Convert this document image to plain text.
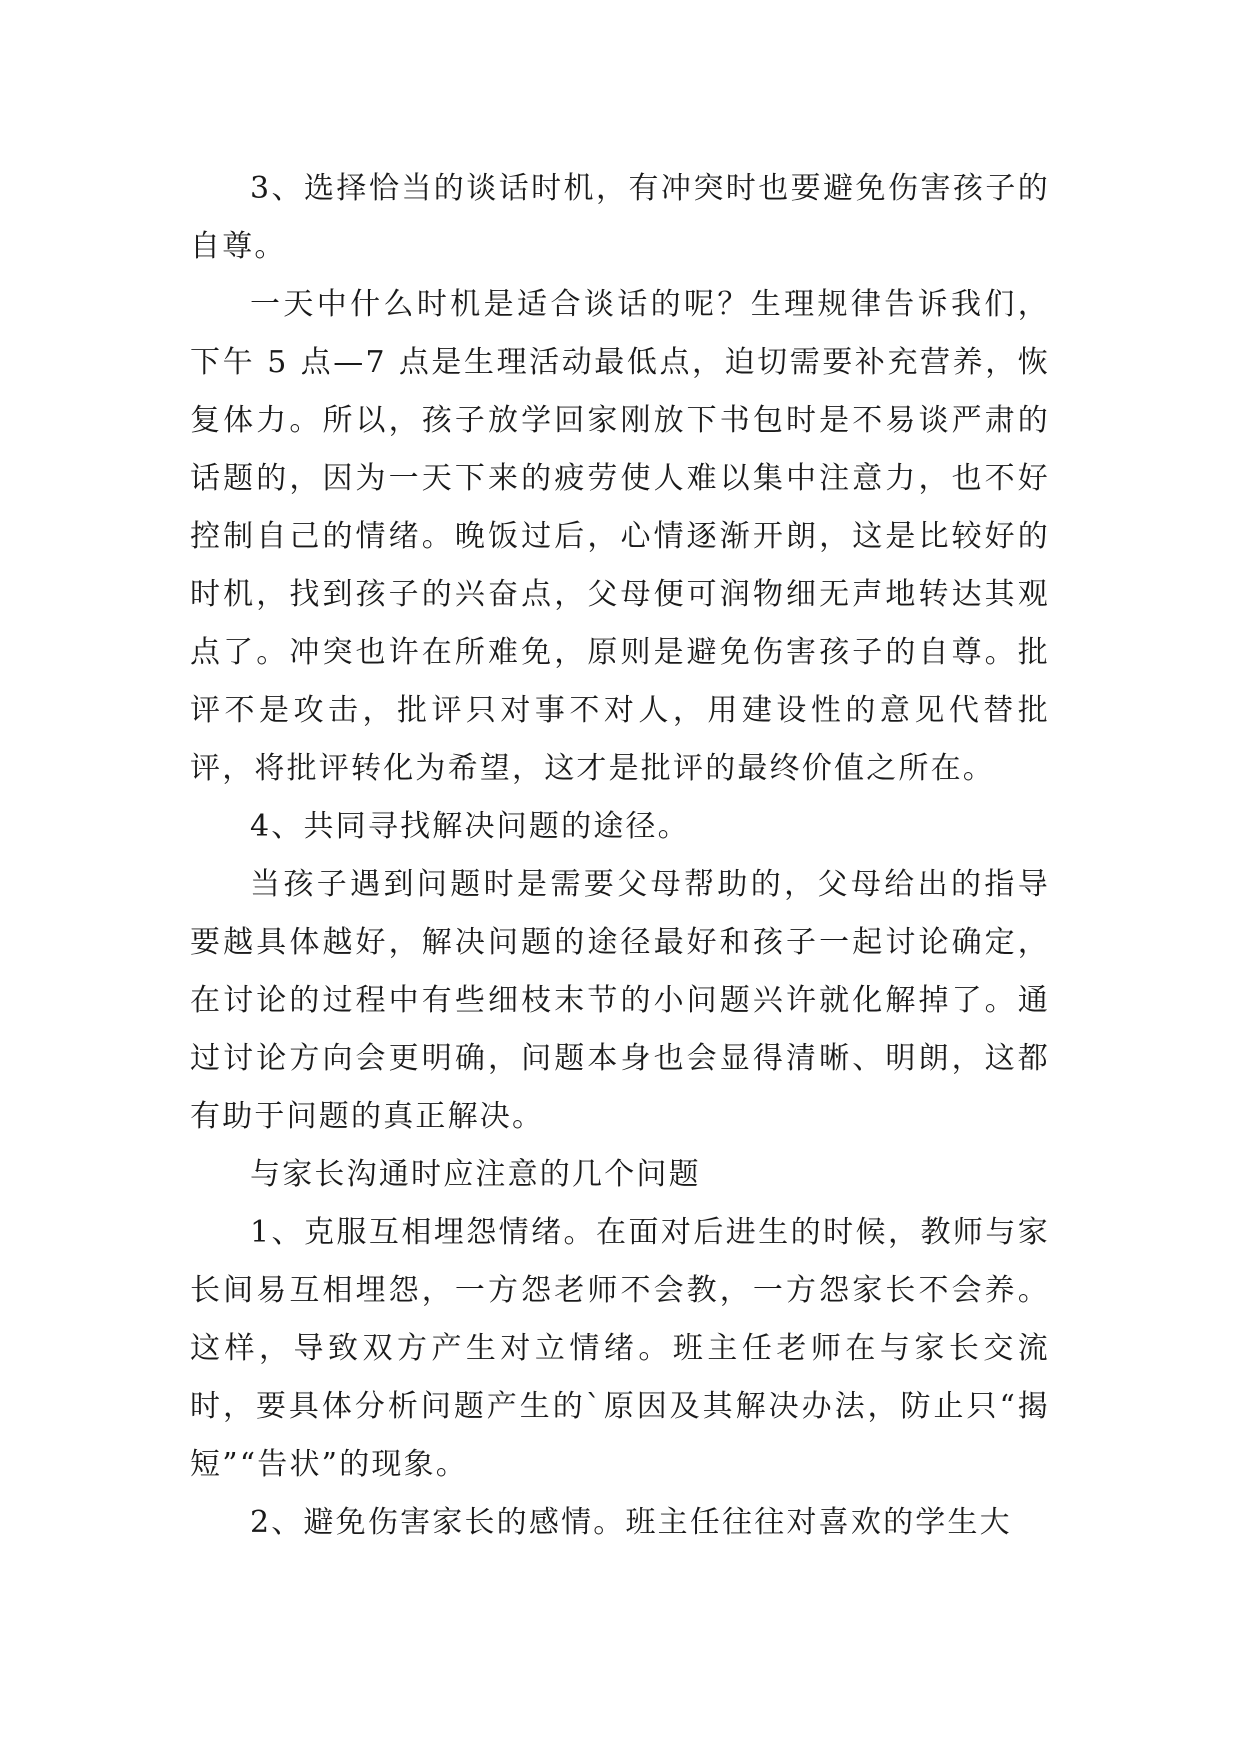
3、选择恰当的谈话时机，有冲突时也要避免伤害孩子的自尊。

一天中什么时机是适合谈话的呢？生理规律告诉我们，下午 5 点—7 点是生理活动最低点，迫切需要补充营养，恢复体力。所以，孩子放学回家刚放下书包时是不易谈严肃的话题的，因为一天下来的疲劳使人难以集中注意力，也不好控制自己的情绪。晚饭过后，心情逐渐开朗，这是比较好的时机，找到孩子的兴奋点，父母便可润物细无声地转达其观点了。冲突也许在所难免，原则是避免伤害孩子的自尊。批评不是攻击，批评只对事不对人，用建设性的意见代替批评，将批评转化为希望，这才是批评的最终价值之所在。

4、共同寻找解决问题的途径。

当孩子遇到问题时是需要父母帮助的，父母给出的指导要越具体越好，解决问题的途径最好和孩子一起讨论确定，在讨论的过程中有些细枝末节的小问题兴许就化解掉了。通过讨论方向会更明确，问题本身也会显得清晰、明朗，这都有助于问题的真正解决。

与家长沟通时应注意的几个问题

1、克服互相埋怨情绪。在面对后进生的时候，教师与家长间易互相埋怨，一方怨老师不会教，一方怨家长不会养。这样，导致双方产生对立情绪。班主任老师在与家长交流时，要具体分析问题产生的`原因及其解决办法，防止只“揭短”“告状”的现象。

2、避免伤害家长的感情。班主任往往对喜欢的学生大
